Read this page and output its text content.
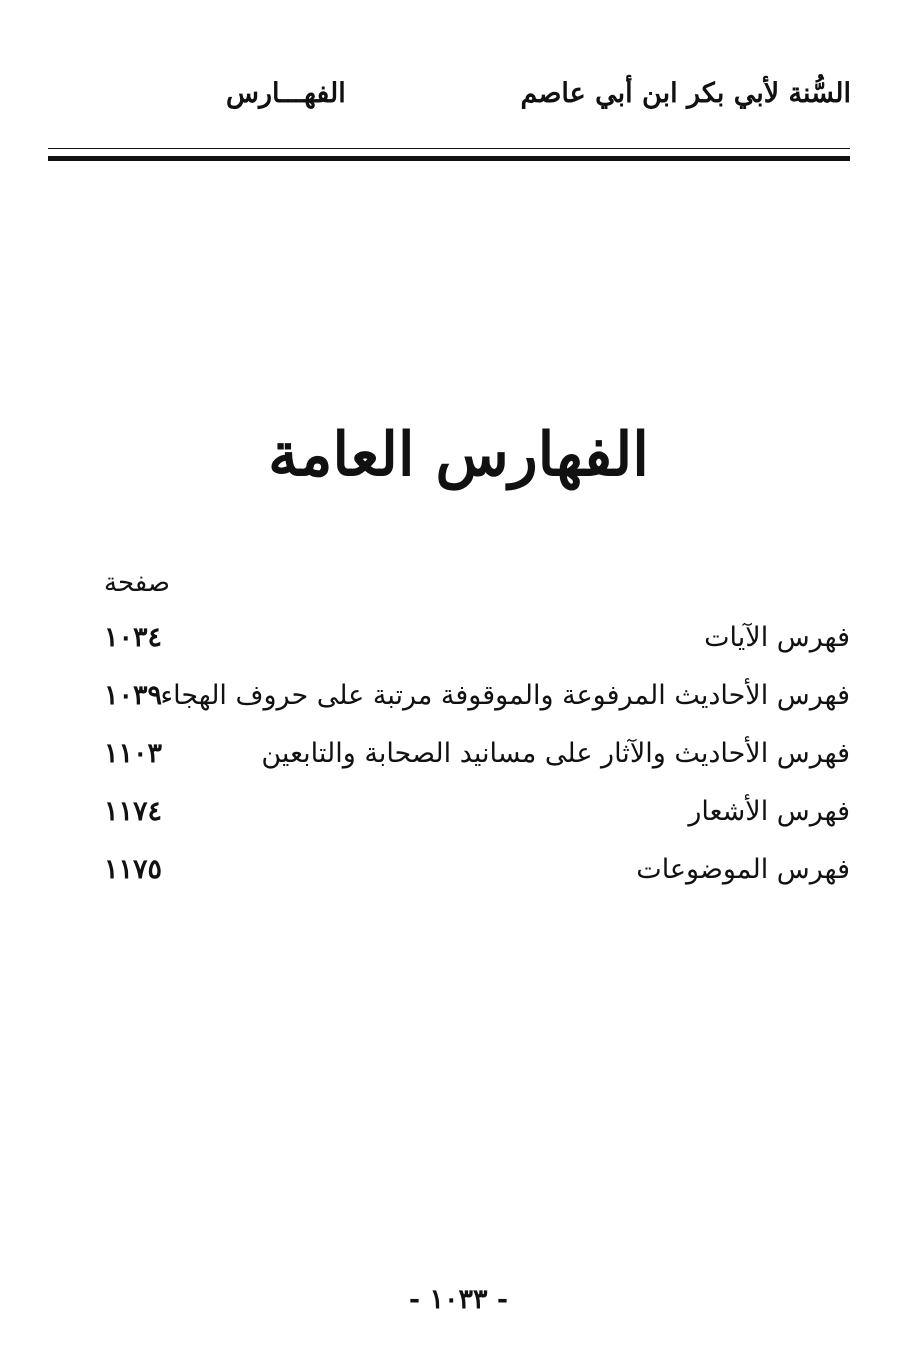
السُّنة لأبي بكر ابن أبي عاصم
الفهـــارس
الفهارس العامة
صفحة
فهرس الآيات
١٠٣٤
فهرس الأحاديث المرفوعة والموقوفة مرتبة على حروف الهجاء
١٠٣٩
فهرس الأحاديث والآثار على مسانيد الصحابة والتابعين
١١٠٣
فهرس الأشعار
١١٧٤
فهرس الموضوعات
١١٧٥
- ١٠٣٣ -
